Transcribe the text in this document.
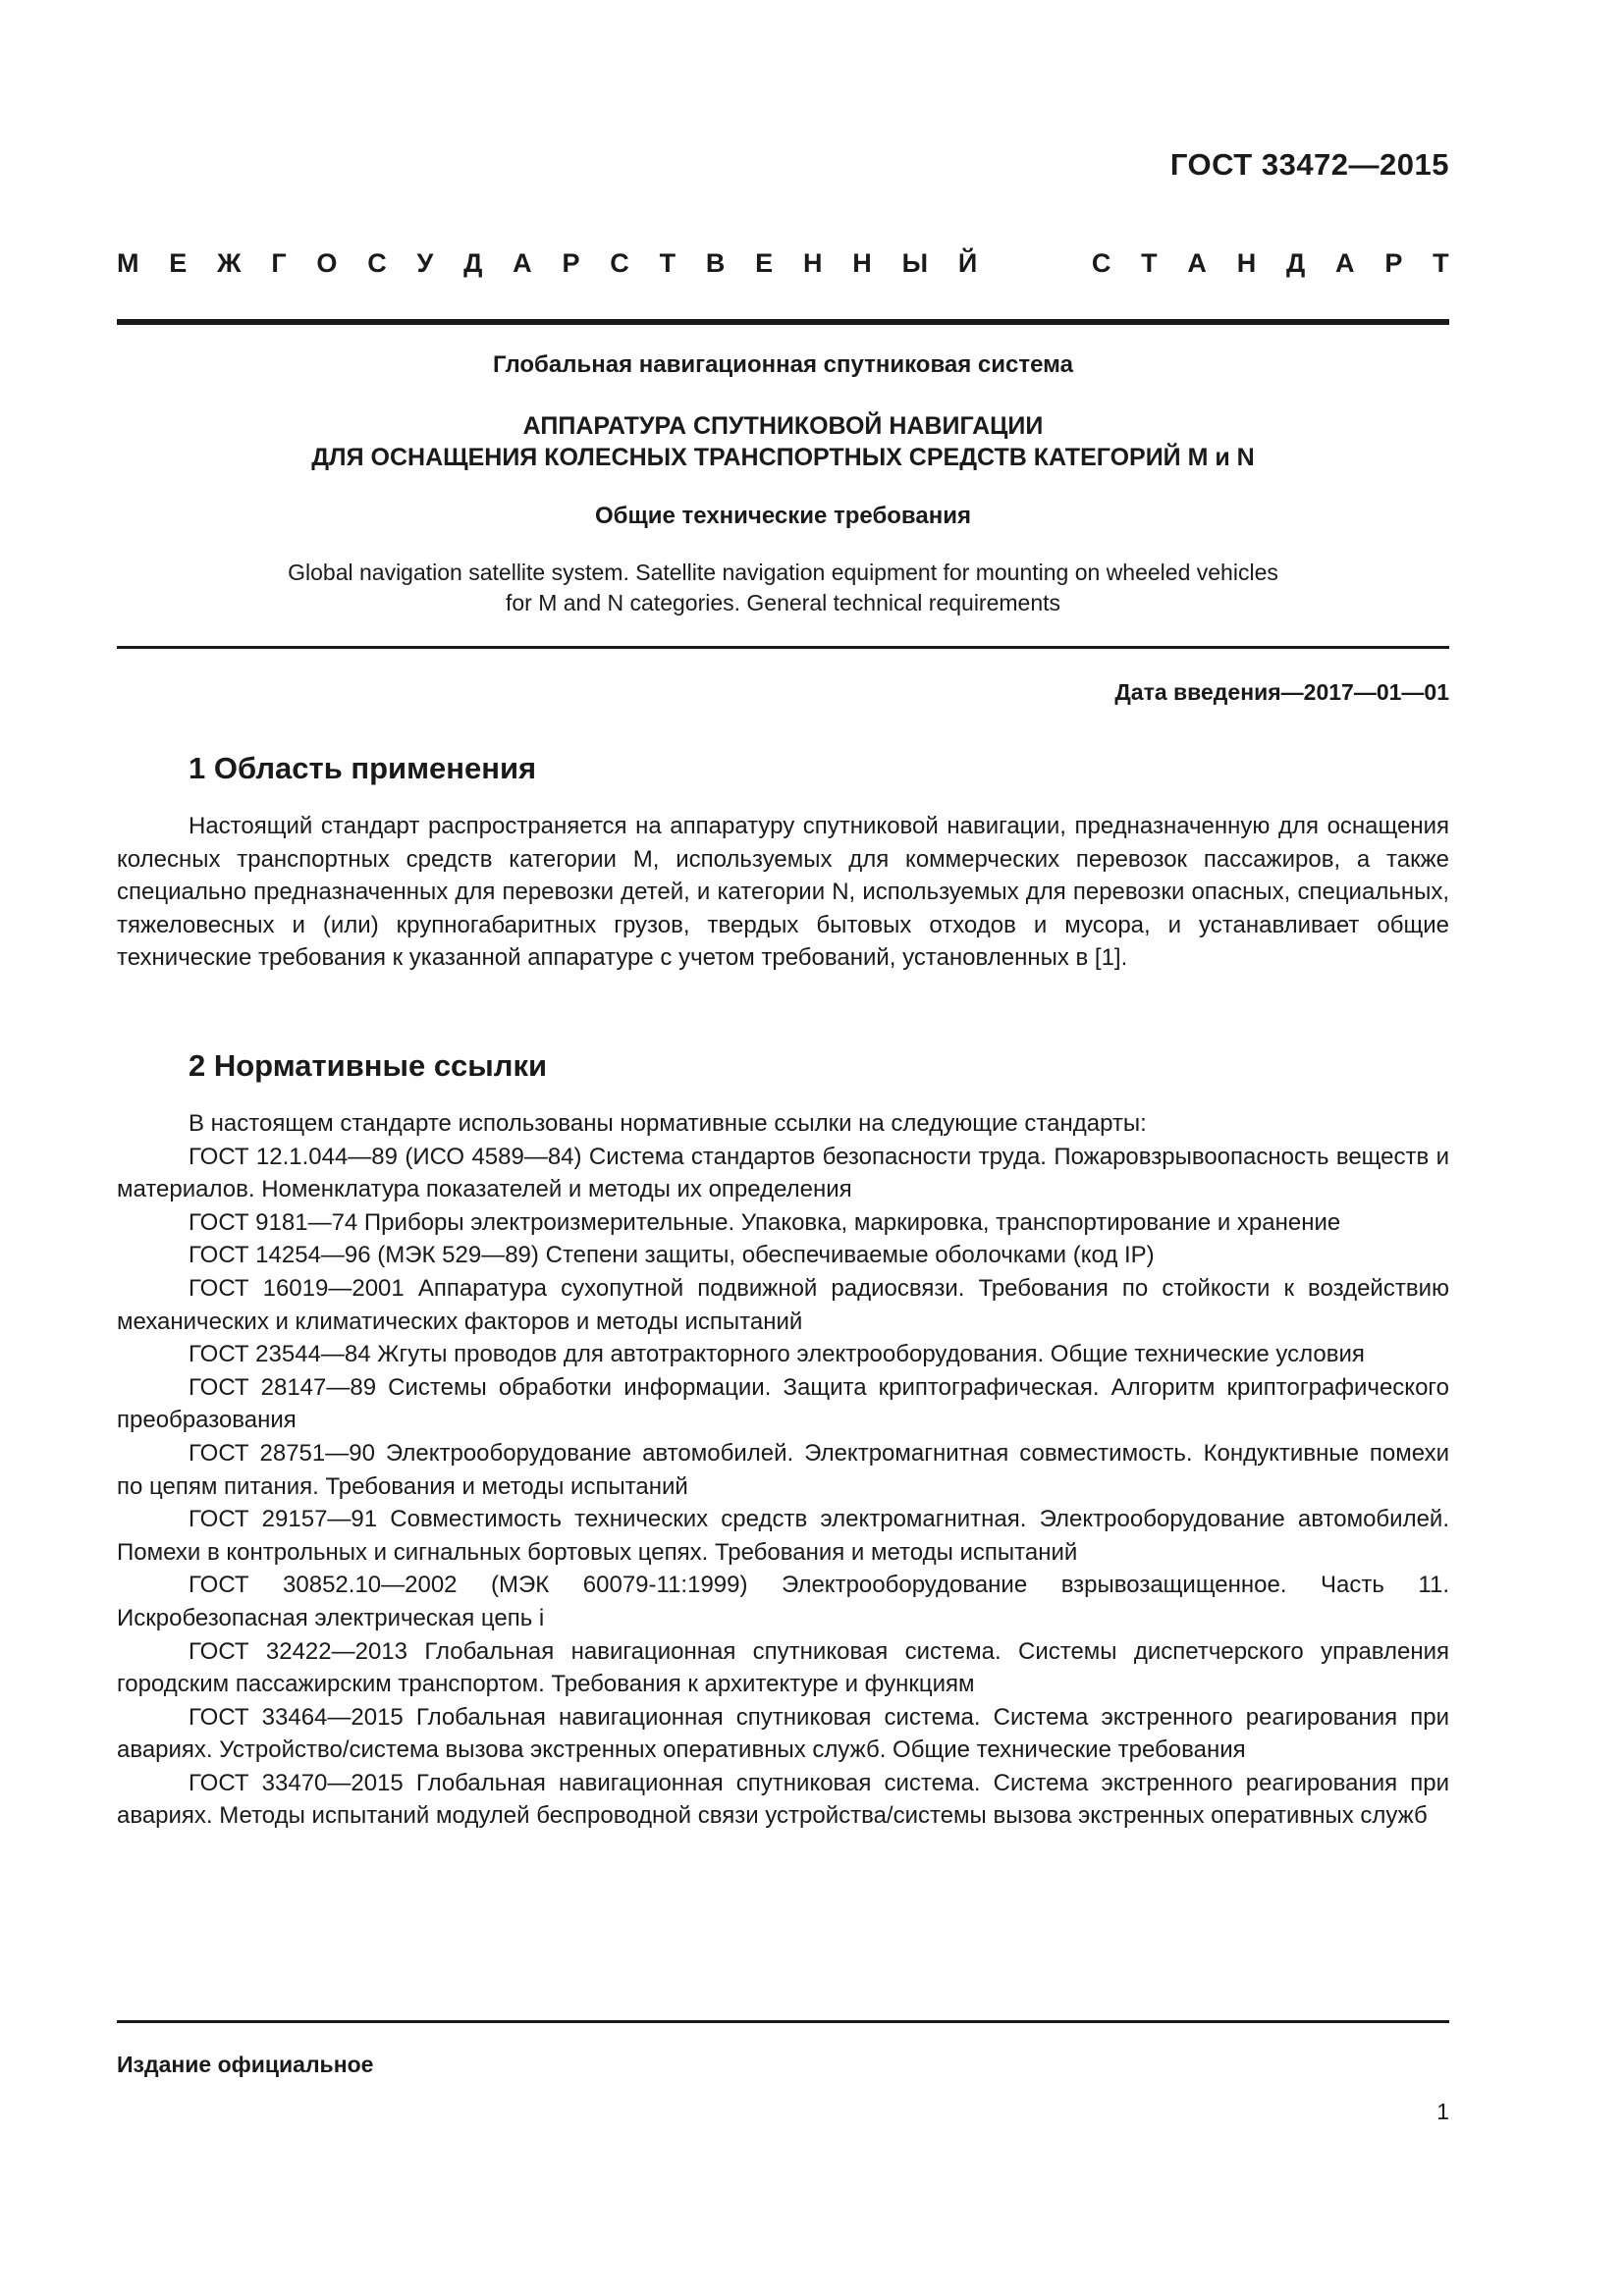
ГОСТ 33472—2015
М Е Ж Г О С У Д А Р С Т В Е Н Н Ы Й	С Т А Н Д А Р Т
Глобальная навигационная спутниковая система
АППАРАТУРА СПУТНИКОВОЙ НАВИГАЦИИ
ДЛЯ ОСНАЩЕНИЯ КОЛЕСНЫХ ТРАНСПОРТНЫХ СРЕДСТВ КАТЕГОРИЙ М и N
Общие технические требования
Global navigation satellite system. Satellite navigation equipment for mounting on wheeled vehicles
for M and N categories. General technical requirements
Дата введения—2017—01—01
1 Область применения

Настоящий стандарт распространяется на аппаратуру спутниковой навигации, предназначенную для оснащения колесных транспортных средств категории М, используемых для коммерческих перевозок пассажиров, а также специально предназначенных для перевозки детей, и категории N, используемых для перевозки опасных, специальных, тяжеловесных и (или) крупногабаритных грузов, твердых бытовых отходов и мусора, и устанавливает общие технические требования к указанной аппаратуре с учетом требований, установленных в [1].

2 Нормативные ссылки

В настоящем стандарте использованы нормативные ссылки на следующие стандарты:

ГОСТ 12.1.044—89 (ИСО 4589—84) Система стандартов безопасности труда. Пожаровзрывоопасность веществ и материалов. Номенклатура показателей и методы их определения

ГОСТ 9181—74 Приборы электроизмерительные. Упаковка, маркировка, транспортирование и хранение

ГОСТ 14254—96 (МЭК 529—89) Степени защиты, обеспечиваемые оболочками (код IP)

ГОСТ 16019—2001 Аппаратура сухопутной подвижной радиосвязи. Требования по стойкости к воздействию механических и климатических факторов и методы испытаний

ГОСТ 23544—84 Жгуты проводов для автотракторного электрооборудования. Общие технические условия

ГОСТ 28147—89 Системы обработки информации. Защита криптографическая. Алгоритм криптографического преобразования

ГОСТ 28751—90 Электрооборудование автомобилей. Электромагнитная совместимость. Кондуктивные помехи по цепям питания. Требования и методы испытаний

ГОСТ 29157—91 Совместимость технических средств электромагнитная. Электрооборудование автомобилей. Помехи в контрольных и сигнальных бортовых цепях. Требования и методы испытаний

ГОСТ 30852.10—2002 (МЭК 60079-11:1999) Электрооборудование взрывозащищенное. Часть 11. Искробезопасная электрическая цепь i

ГОСТ 32422—2013 Глобальная навигационная спутниковая система. Системы диспетчерского управления городским пассажирским транспортом. Требования к архитектуре и функциям

ГОСТ 33464—2015 Глобальная навигационная спутниковая система. Система экстренного реагирования при авариях. Устройство/система вызова экстренных оперативных служб. Общие технические требования

ГОСТ 33470—2015 Глобальная навигационная спутниковая система. Система экстренного реагирования при авариях. Методы испытаний модулей беспроводной связи устройства/системы вызова экстренных оперативных служб

Издание официальное
1
